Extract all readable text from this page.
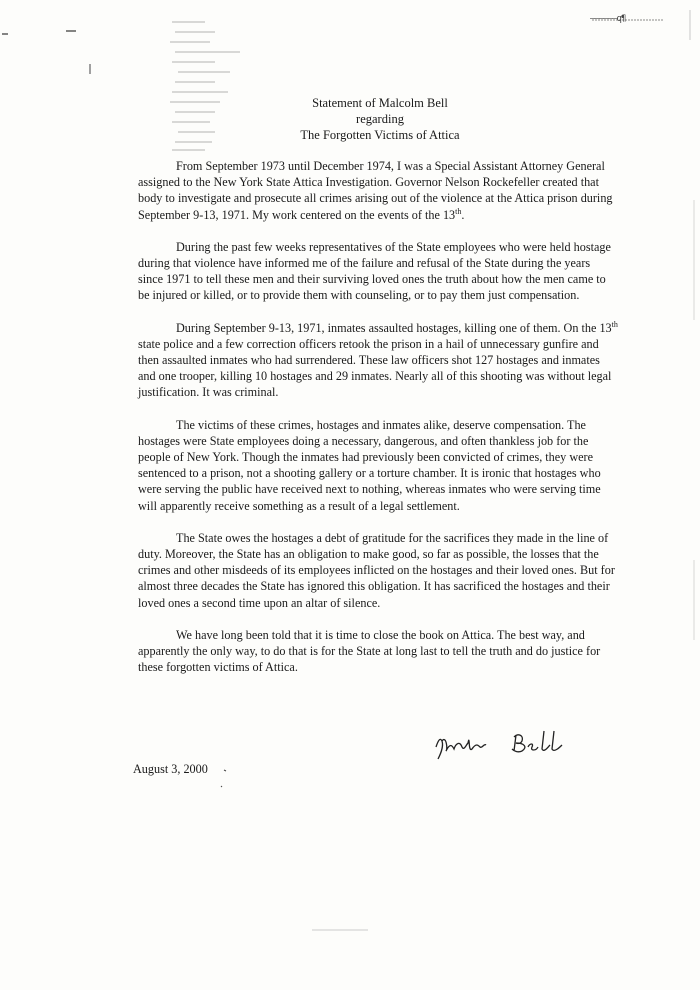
——————q¶
Statement of Malcolm Bell
regarding
The Forgotten Victims of Attica

From September 1973 until December 1974, I was a Special Assistant Attorney General assigned to the New York State Attica Investigation. Governor Nelson Rockefeller created that body to investigate and prosecute all crimes arising out of the violence at the Attica prison during September 9-13, 1971. My work centered on the events of the 13th.

During the past few weeks representatives of the State employees who were held hostage during that violence have informed me of the failure and refusal of the State during the years since 1971 to tell these men and their surviving loved ones the truth about how the men came to be injured or killed, or to provide them with counseling, or to pay them just compensation.

During September 9-13, 1971, inmates assaulted hostages, killing one of them. On the 13th state police and a few correction officers retook the prison in a hail of unnecessary gunfire and then assaulted inmates who had surrendered. These law officers shot 127 hostages and inmates and one trooper, killing 10 hostages and 29 inmates. Nearly all of this shooting was without legal justification. It was criminal.

The victims of these crimes, hostages and inmates alike, deserve compensation. The hostages were State employees doing a necessary, dangerous, and often thankless job for the people of New York. Though the inmates had previously been convicted of crimes, they were sentenced to a prison, not a shooting gallery or a torture chamber. It is ironic that hostages who were serving the public have received next to nothing, whereas inmates who were serving time will apparently receive something as a result of a legal settlement.

The State owes the hostages a debt of gratitude for the sacrifices they made in the line of duty. Moreover, the State has an obligation to make good, so far as possible, the losses that the crimes and other misdeeds of its employees inflicted on the hostages and their loved ones. But for almost three decades the State has ignored this obligation. It has sacrificed the hostages and their loved ones a second time upon an altar of silence.

We have long been told that it is time to close the book on Attica. The best way, and apparently the only way, to do that is for the State at long last to tell the truth and do justice for these forgotten victims of Attica.

August 3, 2000
